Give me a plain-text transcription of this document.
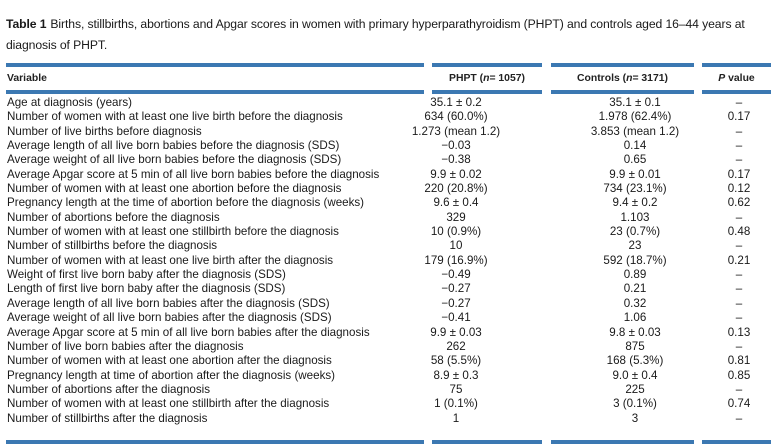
Table 1 Births, stillbirths, abortions and Apgar scores in women with primary hyperparathyroidism (PHPT) and controls aged 16–44 years at diagnosis of PHPT.
Variable	PHPT (n= 1057)	Controls (n= 3171)	P value
Age at diagnosis (years)	35.1 ± 0.2	35.1 ± 0.1	–
Number of women with at least one live birth before the diagnosis	634 (60.0%)	1.978 (62.4%)	0.17
Number of live births before diagnosis	1.273 (mean 1.2)	3.853 (mean 1.2)	–
Average length of all live born babies before the diagnosis (SDS)	−0.03	0.14	–
Average weight of all live born babies before the diagnosis (SDS)	−0.38	0.65	–
Average Apgar score at 5 min of all live born babies before the diagnosis	9.9 ± 0.02	9.9 ± 0.01	0.17
Number of women with at least one abortion before the diagnosis	220 (20.8%)	734 (23.1%)	0.12
Pregnancy length at the time of abortion before the diagnosis (weeks)	9.6 ± 0.4	9.4 ± 0.2	0.62
Number of abortions before the diagnosis	329	1.103	–
Number of women with at least one stillbirth before the diagnosis	10 (0.9%)	23 (0.7%)	0.48
Number of stillbirths before the diagnosis	10	23	–
Number of women with at least one live birth after the diagnosis	179 (16.9%)	592 (18.7%)	0.21
Weight of first live born baby after the diagnosis (SDS)	−0.49	0.89	–
Length of first live born baby after the diagnosis (SDS)	−0.27	0.21	–
Average length of all live born babies after the diagnosis (SDS)	−0.27	0.32	–
Average weight of all live born babies after the diagnosis (SDS)	−0.41	1.06	–
Average Apgar score at 5 min of all live born babies after the diagnosis	9.9 ± 0.03	9.8 ± 0.03	0.13
Number of live born babies after the diagnosis	262	875	–
Number of women with at least one abortion after the diagnosis	58 (5.5%)	168 (5.3%)	0.81
Pregnancy length at time of abortion after the diagnosis (weeks)	8.9 ± 0.3	9.0 ± 0.4	0.85
Number of abortions after the diagnosis	75	225	–
Number of women with at least one stillbirth after the diagnosis	1 (0.1%)	3 (0.1%)	0.74
Number of stillbirths after the diagnosis	1	3	–
